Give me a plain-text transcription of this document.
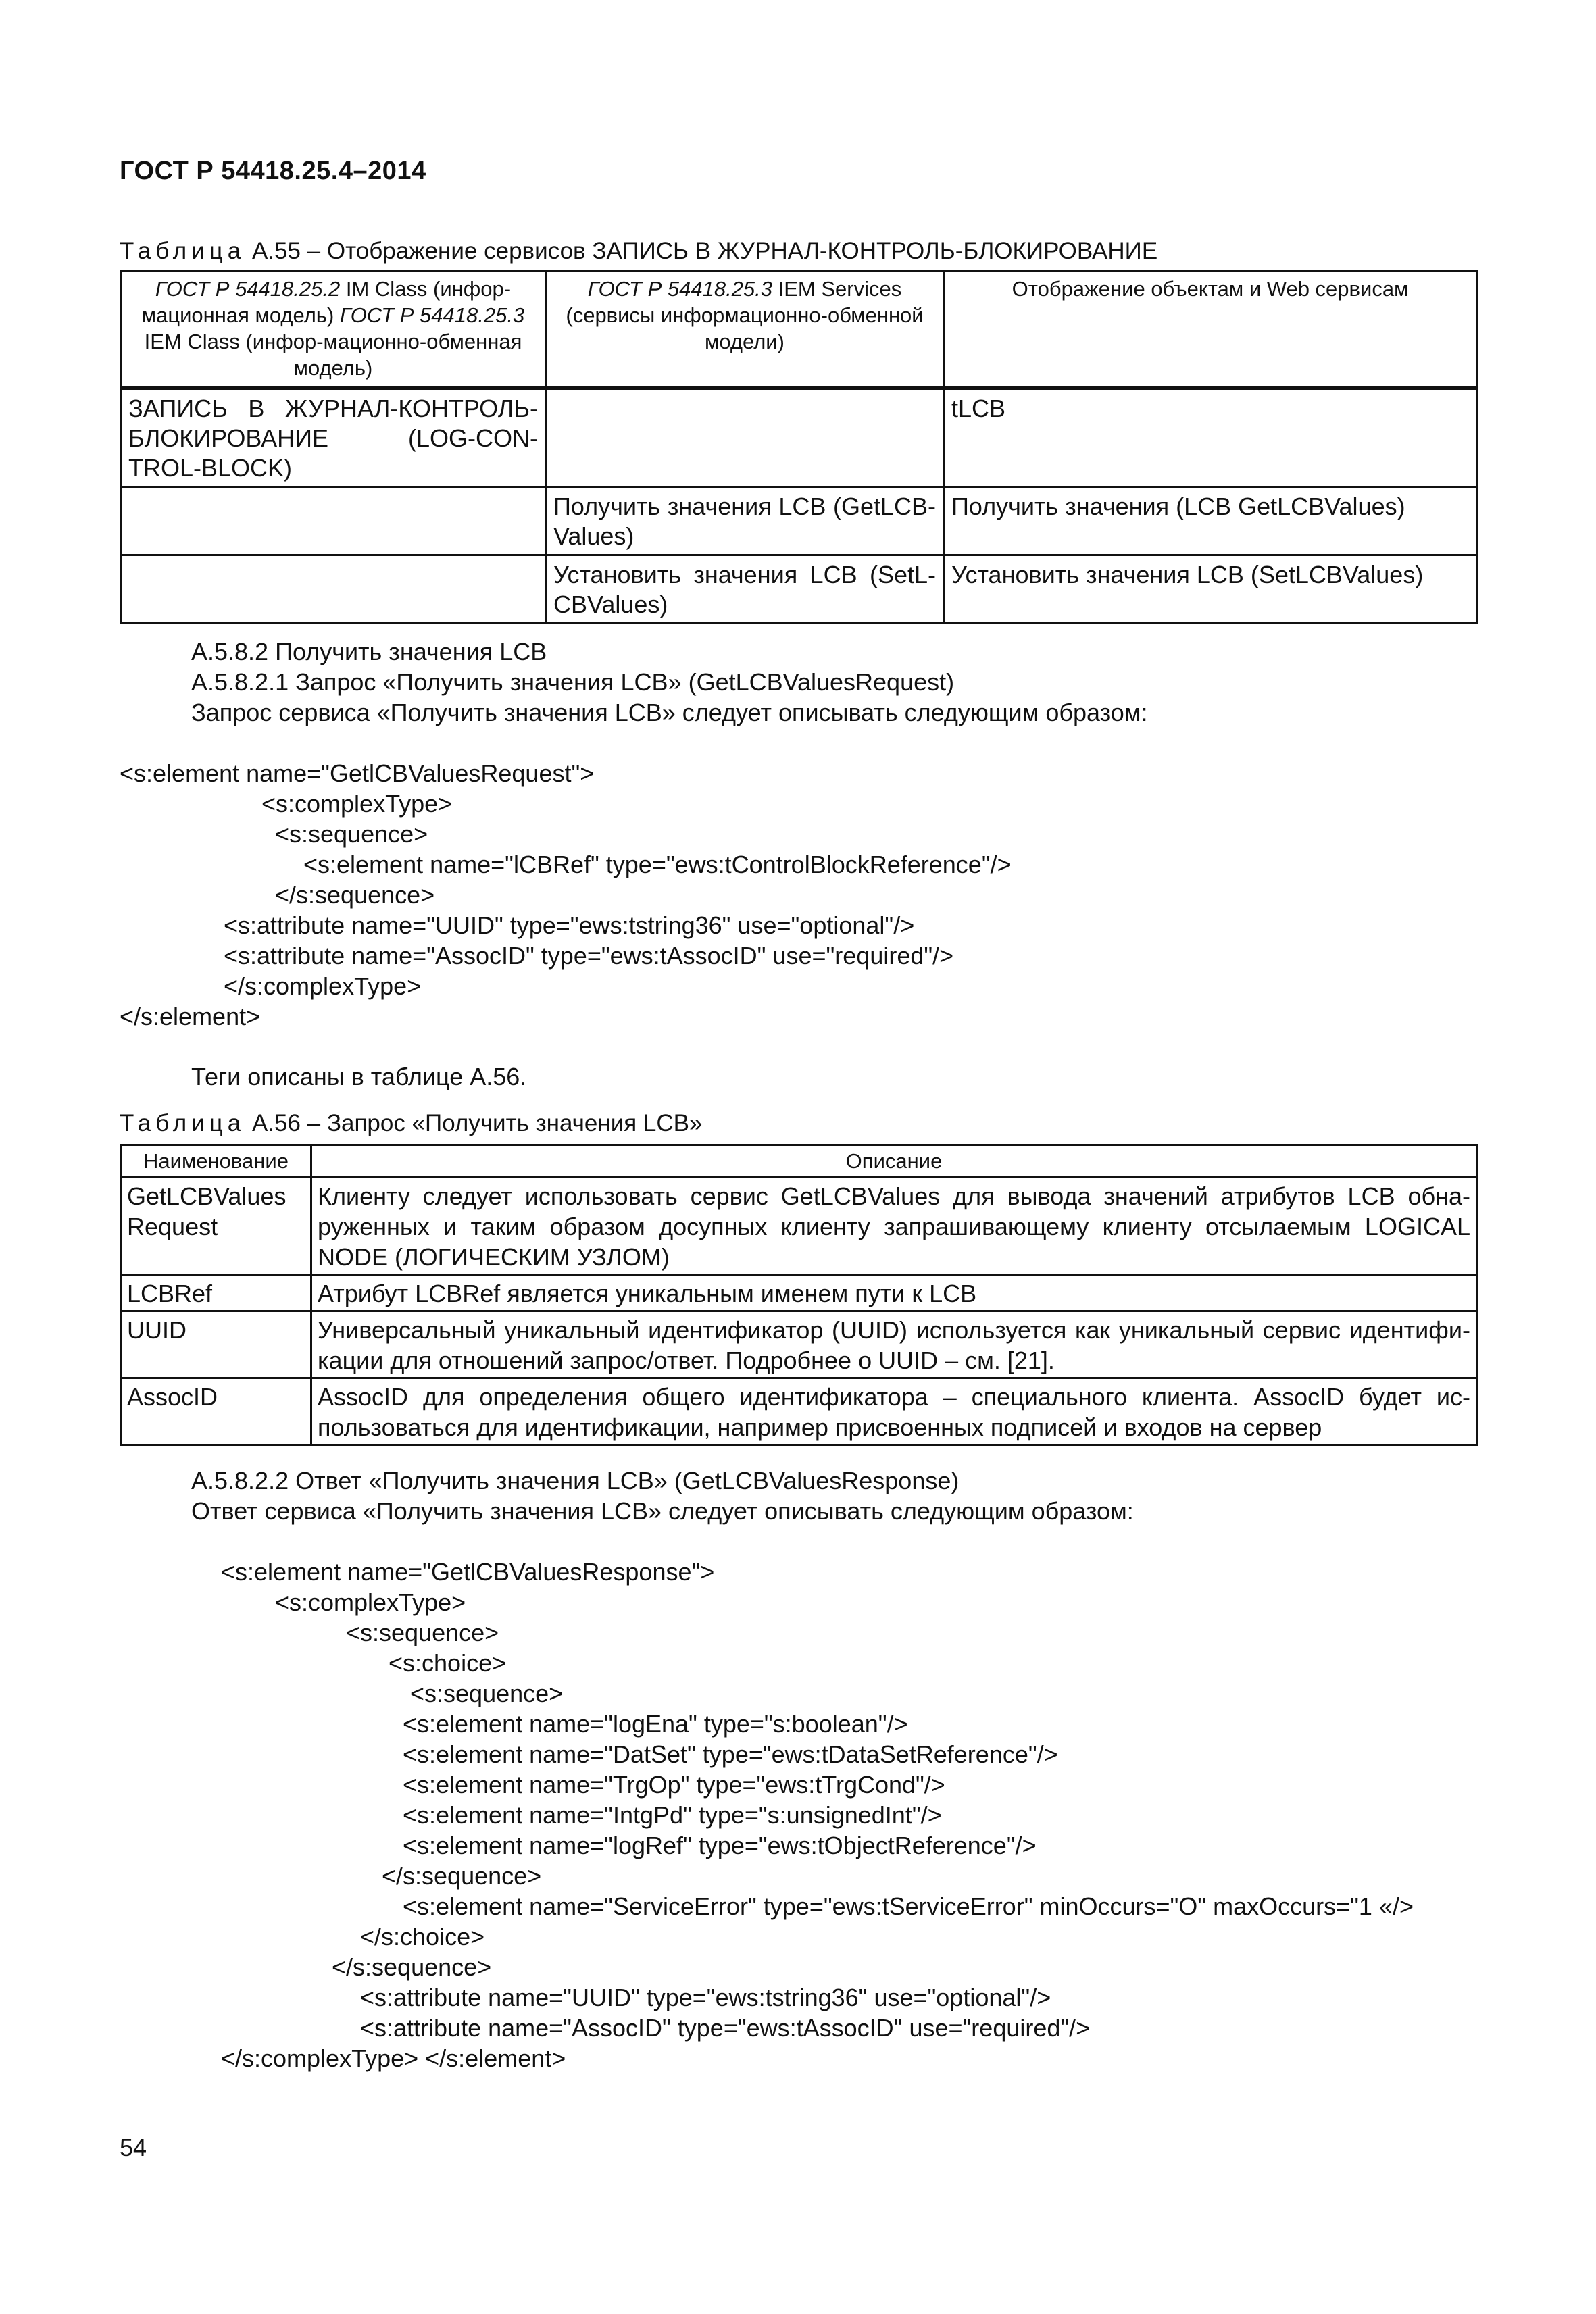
ГОСТ Р 54418.25.4–2014
Таблица А.55 – Отображение сервисов ЗАПИСЬ В ЖУРНАЛ-КОНТРОЛЬ-БЛОКИРОВАНИЕ
ГОСТ Р 54418.25.2 IM Class (инфор-мационная модель) ГОСТ Р 54418.25.3 IEM Class (инфор-мационно-обменная модель)	ГОСТ Р 54418.25.3 IEM Services (сервисы информационно-обменной модели)	Отображение объектам и Web сервисам
ЗАПИСЬ В ЖУРНАЛ-КОНТРОЛЬ-БЛОКИРОВАНИЕ (LOG-CON-TROL-BLOCK)		tLCB
	Получить значения LCB (GetLCB-Values)	Получить значения (LCB GetLCBValues)
	Установить значения LCB (SetL-CBValues)	Установить значения LCB (SetLCBValues)
А.5.8.2 Получить значения LCB
А.5.8.2.1 Запрос «Получить значения LCB» (GetLCBValuesRequest)
Запрос сервиса «Получить значения LCB» следует описывать следующим образом:
<s:element name="GetlCBValuesRequest">
<s:complexType>
<s:sequence>
<s:element name="lCBRef" type="ews:tControlBlockReference"/>
</s:sequence>
<s:attribute name="UUID" type="ews:tstring36" use="optional"/>
<s:attribute name="AssocID" type="ews:tAssocID" use="required"/>
</s:complexType>
</s:element>
Теги описаны в таблице А.56.
Таблица А.56 – Запрос «Получить значения LCB»
Наименование	Описание
GetLCBValues Request	Клиенту следует использовать сервис GetLCBValues для вывода значений атрибутов LCB обна-руженных и таким образом досупных клиенту запрашивающему клиенту отсылаемым LOGICAL NODE (ЛОГИЧЕСКИМ УЗЛОМ)
LCBRef	Атрибут LCBRef является уникальным именем пути к LCB
UUID	Универсальный уникальный идентификатор (UUID) используется как уникальный сервис идентифи-кации для отношений запрос/ответ. Подробнее о UUID – см. [21].
AssocID	AssocID для определения общего идентификатора – специального клиента. AssocID будет ис-пользоваться для идентификации, например присвоенных подписей и входов на сервер
А.5.8.2.2 Ответ «Получить значения LCB» (GetLCBValuesResponse)
Ответ сервиса «Получить значения LCB» следует описывать следующим образом:
<s:element name="GetlCBValuesResponse">
<s:complexType>
<s:sequence>
<s:choice>
<s:sequence>
<s:element name="logEna" type="s:boolean"/>
<s:element name="DatSet" type="ews:tDataSetReference"/>
<s:element name="TrgOp" type="ews:tTrgCond"/>
<s:element name="IntgPd" type="s:unsignedInt"/>
<s:element name="logRef" type="ews:tObjectReference"/>
</s:sequence>
<s:element name="ServiceError" type="ews:tServiceError" minOccurs="O" maxOccurs="1 «/>
</s:choice>
</s:sequence>
<s:attribute name="UUID" type="ews:tstring36" use="optional"/>
<s:attribute name="AssocID" type="ews:tAssocID" use="required"/>
</s:complexType> </s:element>
54
